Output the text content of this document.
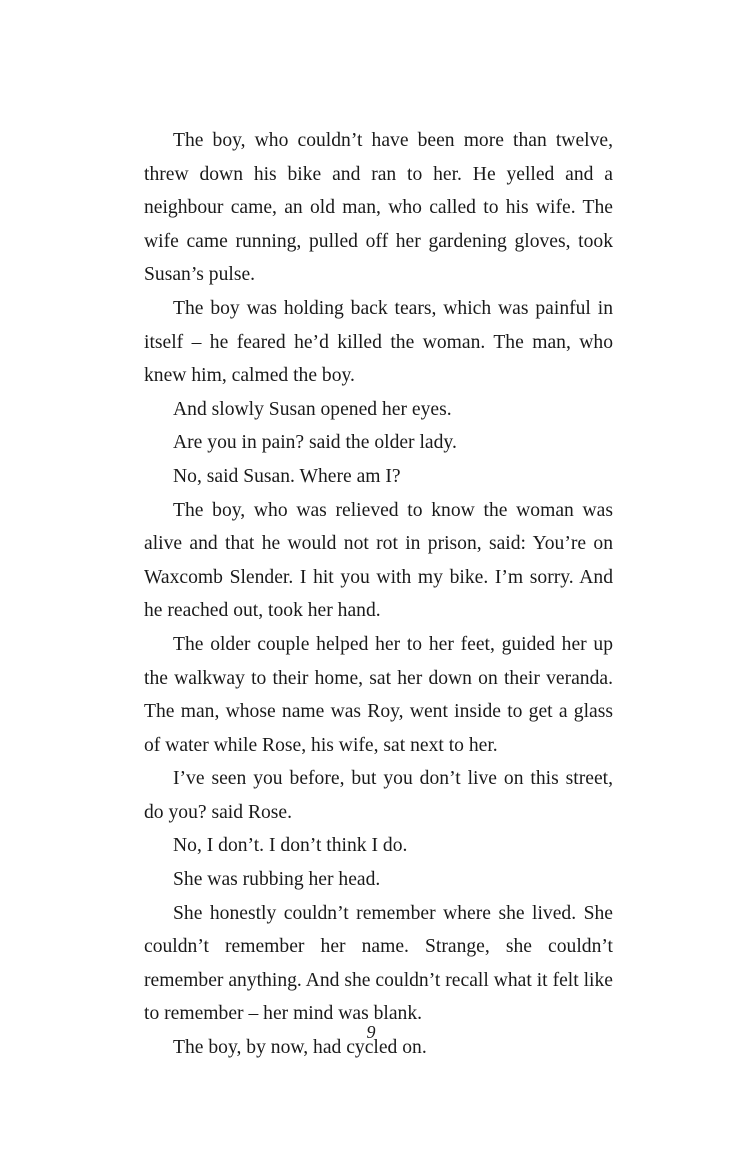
The boy, who couldn’t have been more than twelve, threw down his bike and ran to her. He yelled and a neighbour came, an old man, who called to his wife. The wife came running, pulled off her gardening gloves, took Susan’s pulse.

The boy was holding back tears, which was painful in itself – he feared he’d killed the woman. The man, who knew him, calmed the boy.

And slowly Susan opened her eyes.

Are you in pain? said the older lady.

No, said Susan. Where am I?

The boy, who was relieved to know the woman was alive and that he would not rot in prison, said: You’re on Waxcomb Slender. I hit you with my bike. I’m sorry. And he reached out, took her hand.

The older couple helped her to her feet, guided her up the walkway to their home, sat her down on their veranda. The man, whose name was Roy, went inside to get a glass of water while Rose, his wife, sat next to her.

I’ve seen you before, but you don’t live on this street, do you? said Rose.

No, I don’t. I don’t think I do.

She was rubbing her head.

She honestly couldn’t remember where she lived. She couldn’t remember her name. Strange, she couldn’t remember anything. And she couldn’t recall what it felt like to remember – her mind was blank.

The boy, by now, had cycled on.

9
